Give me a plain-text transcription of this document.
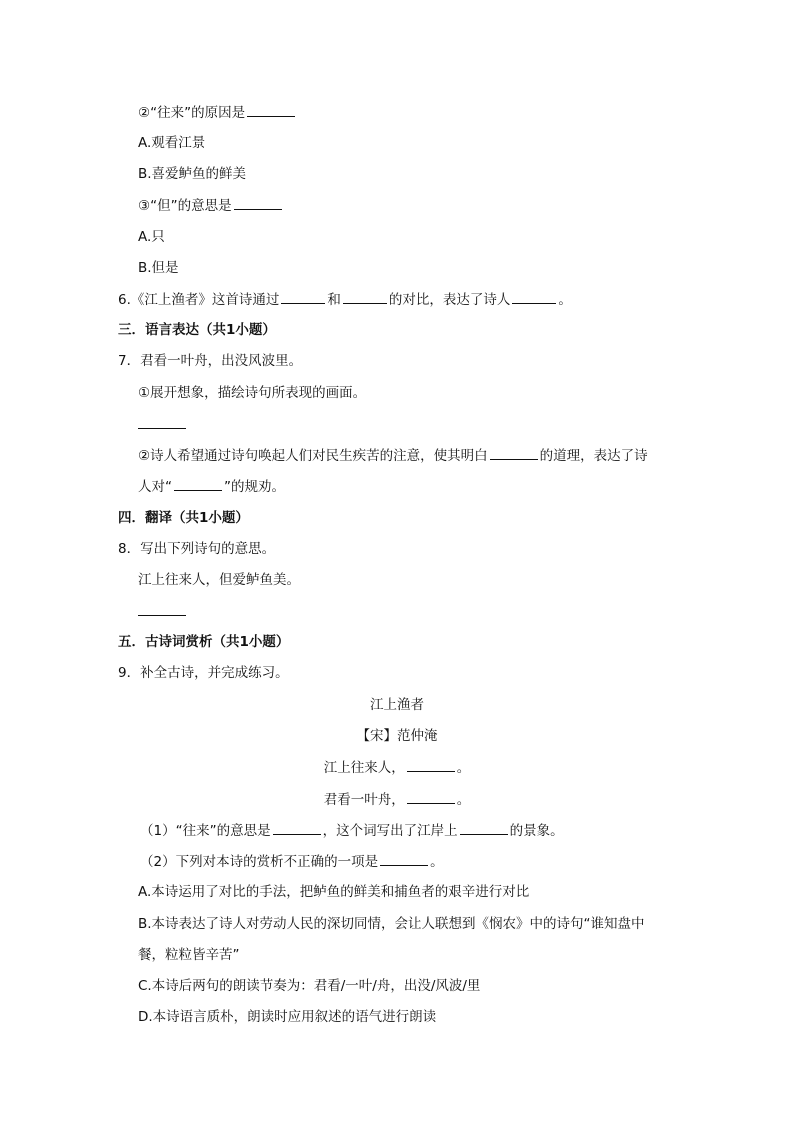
②“往来”的原因是
A.观看江景
B.喜爱鲈鱼的鲜美
③“但”的意思是
A.只
B.但是
6.《江上渔者》这首诗通过	和	的对比，表达了诗人	。
三．语言表达（共1小题）
7．君看一叶舟，出没风波里。
①展开想象，描绘诗句所表现的画面。
②诗人希望通过诗句唤起人们对民生疾苦的注意，使其明白	的道理，表达了诗
人对“	”的规劝。
四．翻译（共1小题）
8．写出下列诗句的意思。
江上往来人，但爱鲈鱼美。
五．古诗词赏析（共1小题）
9．补全古诗，并完成练习。
江上渔者
【宋】范仲淹
江上往来人，	。
君看一叶舟，	。
（1）“往来”的意思是	，这个词写出了江岸上	的景象。
（2）下列对本诗的赏析不正确的一项是	。
A.本诗运用了对比的手法，把鲈鱼的鲜美和捕鱼者的艰辛进行对比
B.本诗表达了诗人对劳动人民的深切同情，会让人联想到《悯农》中的诗句“谁知盘中
餐，粒粒皆辛苦”
C.本诗后两句的朗读节奏为：君看/一叶/舟，出没/风波/里
D.本诗语言质朴，朗读时应用叙述的语气进行朗读
